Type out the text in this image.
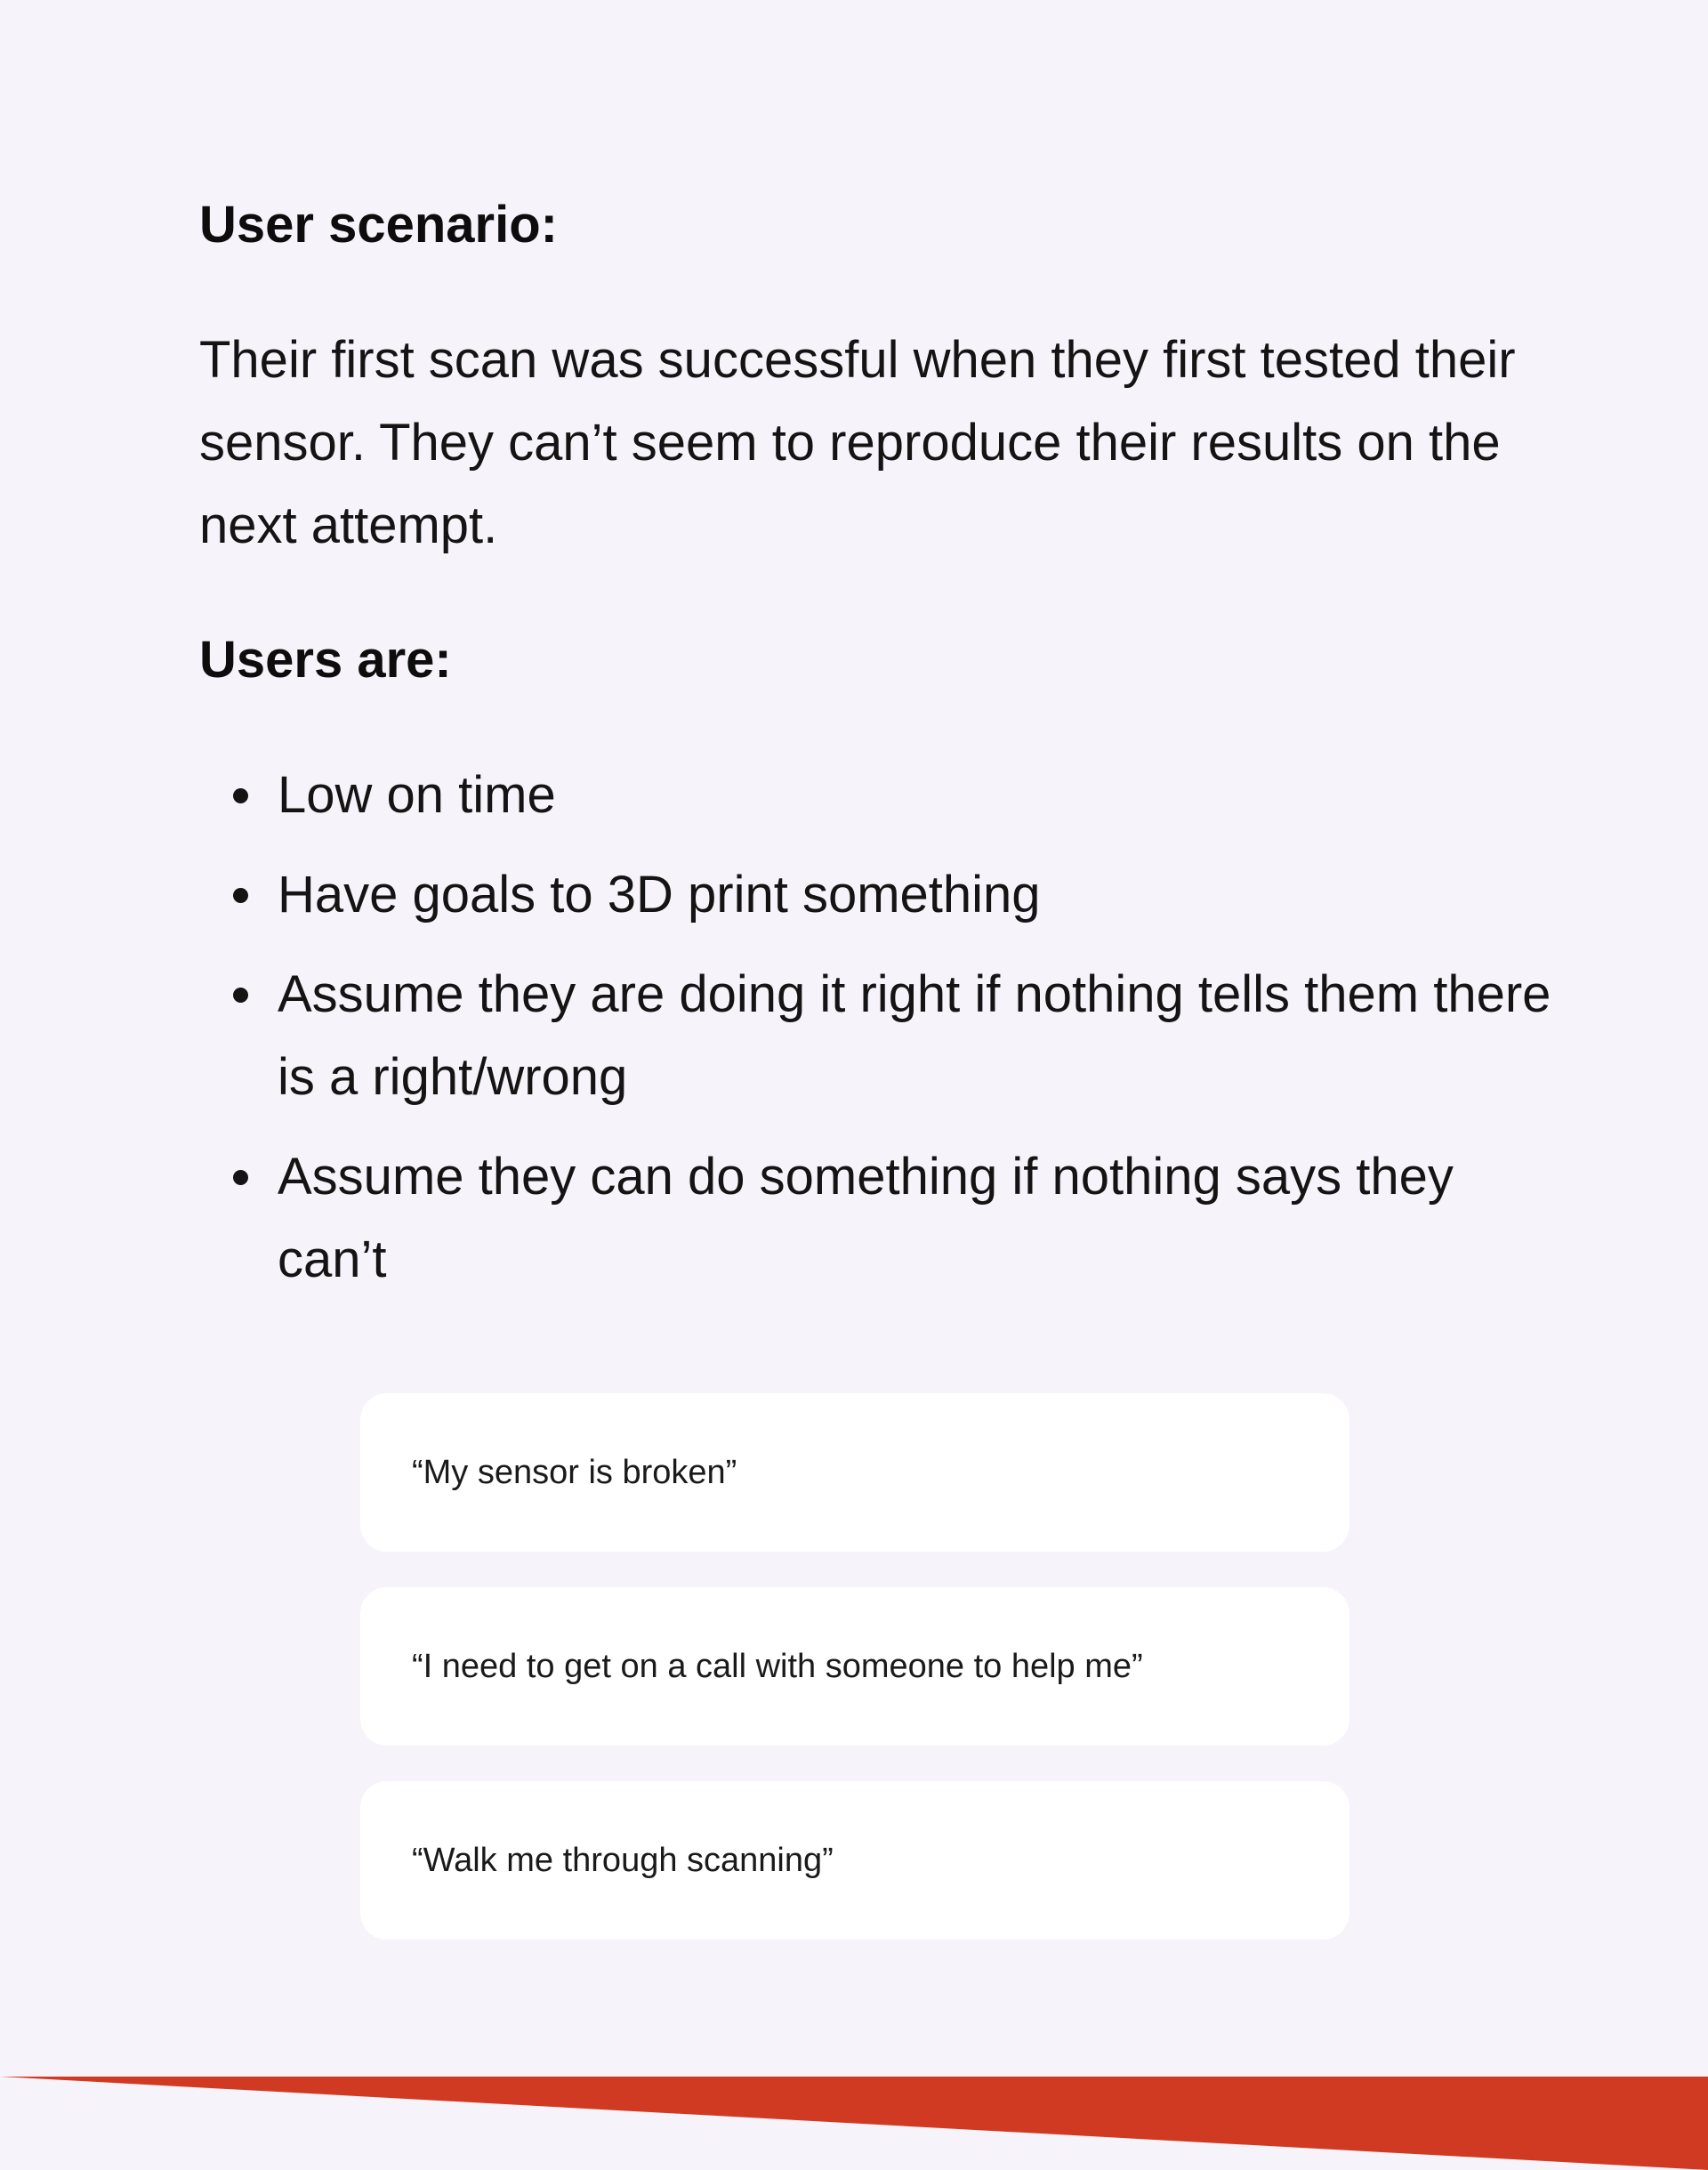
User scenario:
Their first scan was successful when they first tested their sensor. They can’t seem to reproduce their results on the next attempt.
Users are:
Low on time
Have goals to 3D print something
Assume they are doing it right if nothing tells them there is a right/wrong
Assume they can do something if nothing says they can’t
“My sensor is broken”
“I need to get on a call with someone to help me”
“Walk me through scanning”
